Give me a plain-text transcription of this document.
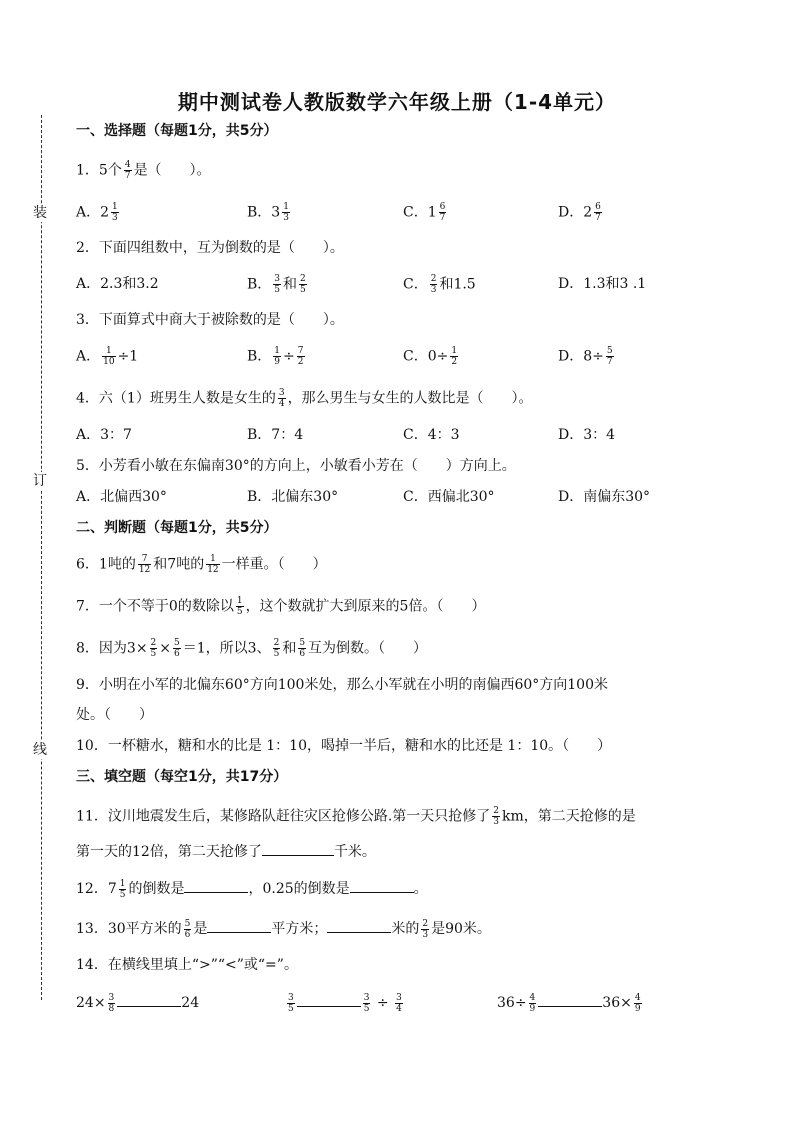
期中测试卷人教版数学六年级上册（1-4单元）
装
订
线
一、选择题（每题1分，共5分）
1．5个 $\frac{4}{7}$ 是（　　）。
A．$2 \frac{1}{3}$	B．$3 \frac{1}{3}$	C．$1 \frac{6}{7}$	D．$2 \frac{6}{7}$
2．下面四组数中，互为倒数的是（　　）。
A．2.3和3.2	B． $\frac{3}{5}$ 和 $\frac{2}{5}$	C． $\frac{2}{3}$ 和1.5	D．1.3和3 .1
3．下面算式中商大于被除数的是（　　）。
A． $\frac{1}{10} \div 1$	B． $\frac{1}{9} \div \frac{7}{2}$	C．$0\div \frac{1}{2}$	D．$8\div \frac{5}{7}$
4．六（1）班男生人数是女生的 $\frac{3}{4}$ ，那么男生与女生的人数比是（　　）。
A．3：7	B．7：4	C．4：3	D．3：4
5．小芳看小敏在东偏南30°的方向上，小敏看小芳在（　　）方向上。
A．北偏西30°	B．北偏东30°	C．西偏北30°	D．南偏东30°
二、判断题（每题1分，共5分）
6．1吨的 $\frac{7}{12}$ 和7吨的 $\frac{1}{12}$ 一样重。（　　）
7．一个不等于0的数除以 $\frac{1}{5}$ ，这个数就扩大到原来的5倍。（　　）
8．因为$3\times \frac{2}{5} \times \frac{5}{6} =1$，所以3、 $\frac{2}{5}$ 和 $\frac{5}{6}$ 互为倒数。（　　）
9．小明在小军的北偏东60°方向100米处，那么小军就在小明的南偏西60°方向100米
处。（　　）
10．一杯糖水，糖和水的比是 1：10，喝掉一半后，糖和水的比还是 1：10。（　　）
三、填空题（每空1分，共17分）
11．汶川地震发生后，某修路队赶往灾区抢修公路.第一天只抢修了 $\frac{2}{3}$ km，第二天抢修的是
第一天的12倍，第二天抢修了	千米。
12．$7 \frac{1}{5}$ 的倒数是	，0.25的倒数是	。
13．30平方米的 $\frac{5}{6}$ 是	平方米；	米的 $\frac{2}{3}$ 是90米。
14．在横线里填上“>”“<”或“=”。
$24\times \frac{3}{8}$	24	$\frac{3}{5}$	$\frac{3}{5} \div \frac{3}{4}$	$36\div \frac{4}{9}$	$36\times \frac{4}{9}$
